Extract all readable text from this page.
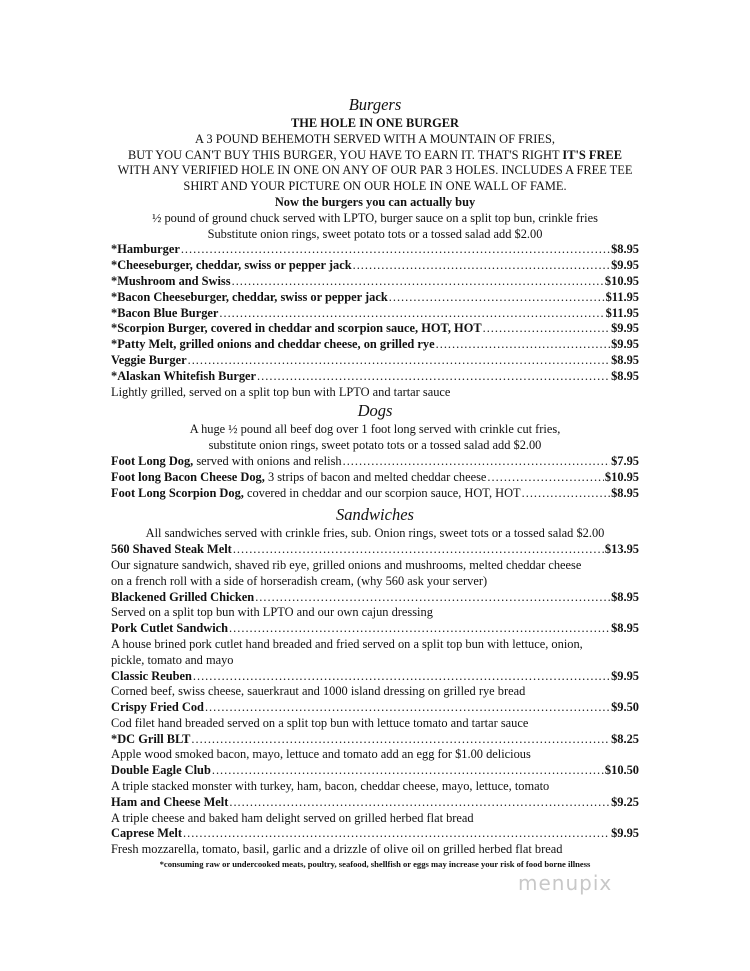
Burgers
THE HOLE IN ONE BURGER
A 3 POUND BEHEMOTH SERVED WITH A MOUNTAIN OF FRIES,
BUT YOU CAN'T BUY THIS BURGER, YOU HAVE TO EARN IT. THAT'S RIGHT IT'S FREE
WITH ANY VERIFIED HOLE IN ONE ON ANY OF OUR PAR 3 HOLES. INCLUDES A FREE TEE
SHIRT AND YOUR PICTURE ON OUR HOLE IN ONE WALL OF FAME.
Now the burgers you can actually buy
½ pound of ground chuck served with LPTO, burger sauce on a split top bun, crinkle fries
Substitute onion rings, sweet potato tots or a tossed salad add $2.00
*Hamburger .....	$8.95
*Cheeseburger, cheddar, swiss or pepper jack .....	$9.95
*Mushroom and Swiss .....	$10.95
*Bacon Cheeseburger, cheddar, swiss or pepper jack .....	$11.95
*Bacon Blue Burger .....	$11.95
*Scorpion Burger, covered in cheddar and scorpion sauce, HOT, HOT .....	$9.95
*Patty Melt, grilled onions and cheddar cheese, on grilled rye .....	$9.95
Veggie Burger .....	$8.95
*Alaskan Whitefish Burger .....	$8.95
Lightly grilled, served on a split top bun with LPTO and tartar sauce
Dogs
A huge ½ pound all beef dog over 1 foot long served with crinkle cut fries,
substitute onion rings, sweet potato tots or a tossed salad add $2.00
Foot Long Dog, served with onions and relish .....	$7.95
Foot long Bacon Cheese Dog, 3 strips of bacon and melted cheddar cheese .....	$10.95
Foot Long Scorpion Dog, covered in cheddar and our scorpion sauce, HOT, HOT .....	$8.95
Sandwiches
All sandwiches served with crinkle fries, sub. Onion rings, sweet tots or a tossed salad $2.00
560 Shaved Steak Melt .....	$13.95
Our signature sandwich, shaved rib eye, grilled onions and mushrooms, melted cheddar cheese
on a french roll with a side of horseradish cream, (why 560 ask your server)
Blackened Grilled Chicken .....	$8.95
Served on a split top bun with LPTO and our own cajun dressing
Pork Cutlet Sandwich .....	$8.95
A house brined pork cutlet hand breaded and fried served on a split top bun with lettuce, onion,
pickle, tomato and mayo
Classic Reuben .....	$9.95
Corned beef, swiss cheese, sauerkraut and 1000 island dressing on grilled rye bread
Crispy Fried Cod .....	$9.50
Cod filet hand breaded served on a split top bun with lettuce tomato and tartar sauce
*DC Grill BLT .....	$8.25
Apple wood smoked bacon, mayo, lettuce and tomato add an egg for $1.00 delicious
Double Eagle Club .....	$10.50
A triple stacked monster with turkey, ham, bacon, cheddar cheese, mayo, lettuce, tomato
Ham and Cheese Melt .....	$9.25
A triple cheese and baked ham delight served on grilled herbed flat bread
Caprese Melt .....	$9.95
Fresh mozzarella, tomato, basil, garlic and a drizzle of olive oil on grilled herbed flat bread
*consuming raw or undercooked meats, poultry, seafood, shellfish or eggs may increase your risk of food borne illness
menupix
